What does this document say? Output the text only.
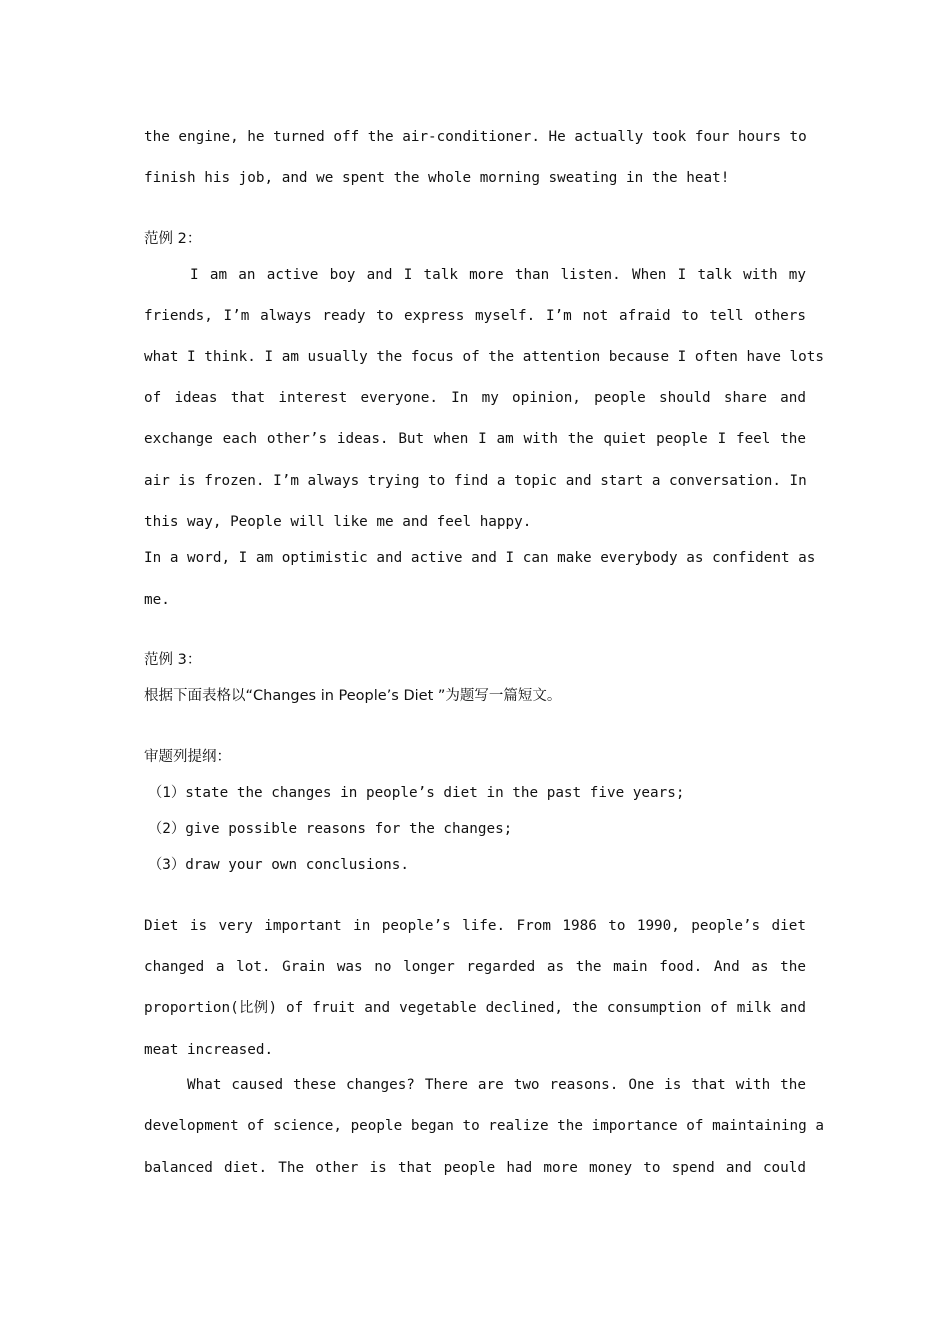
the engine, he turned off the air-conditioner. He actually took four hours to
finish his job, and we spent the whole morning sweating in the heat!
范例 2：
I am an active boy and I talk more than listen. When I talk with my
friends, I’m always ready to express myself. I’m not afraid to tell others
what I think. I am usually the focus of the attention because I often have lots
of ideas that interest everyone. In my opinion, people should share and
exchange each other’s ideas. But when I am with the quiet people I feel the
air is frozen. I’m always trying to find a topic and start a conversation. In
this way, People will like me and feel happy.
In a word, I am optimistic and active and I can make everybody as confident as
me.
范例 3：
根据下面表格以“Changes in People’s Diet ”为题写一篇短文。
审题列提纲：
（1）state the changes in people’s diet in the past five years;
（2）give possible reasons for the changes;
（3）draw your own conclusions.
Diet is very important in people’s life. From 1986 to 1990, people’s diet
changed a lot. Grain was no longer regarded as the main food. And as the
proportion(比例) of fruit and vegetable declined, the consumption of milk and
meat increased.
What caused these changes? There are two reasons. One is that with the
development of science, people began to realize the importance of maintaining a
balanced diet. The other is that people had more money to spend and could
